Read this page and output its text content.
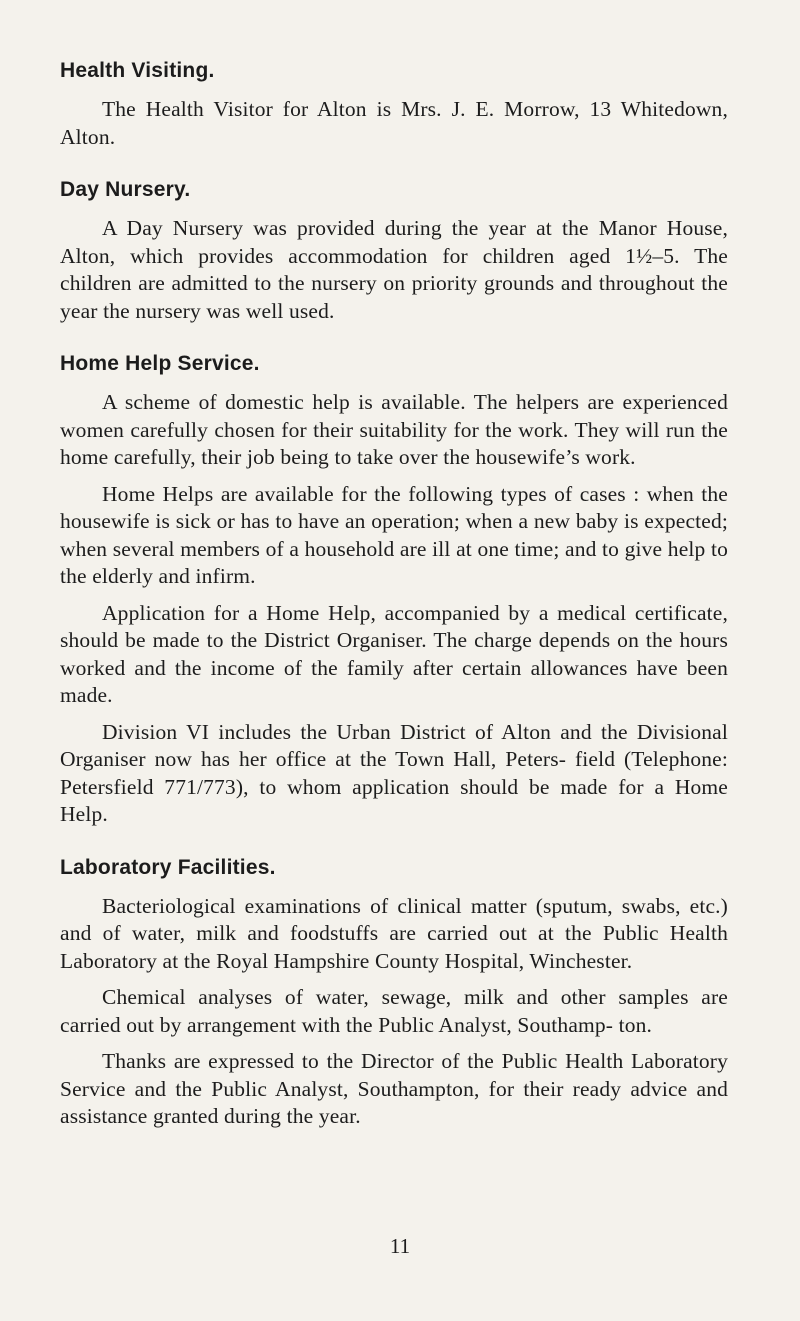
Health Visiting.

The Health Visitor for Alton is Mrs. J. E. Morrow, 13 Whitedown, Alton.

Day Nursery.

A Day Nursery was provided during the year at the Manor House, Alton, which provides accommodation for children aged 1½–5. The children are admitted to the nursery on priority grounds and throughout the year the nursery was well used.

Home Help Service.

A scheme of domestic help is available. The helpers are experienced women carefully chosen for their suitability for the work. They will run the home carefully, their job being to take over the housewife’s work.

Home Helps are available for the following types of cases : when the housewife is sick or has to have an operation; when a new baby is expected; when several members of a household are ill at one time; and to give help to the elderly and infirm.

Application for a Home Help, accompanied by a medical certificate, should be made to the District Organiser. The charge depends on the hours worked and the income of the family after certain allowances have been made.

Division VI includes the Urban District of Alton and the Divisional Organiser now has her office at the Town Hall, Peters- field (Telephone: Petersfield 771/773), to whom application should be made for a Home Help.

Laboratory Facilities.

Bacteriological examinations of clinical matter (sputum, swabs, etc.) and of water, milk and foodstuffs are carried out at the Public Health Laboratory at the Royal Hampshire County Hospital, Winchester.

Chemical analyses of water, sewage, milk and other samples are carried out by arrangement with the Public Analyst, Southamp- ton.

Thanks are expressed to the Director of the Public Health Laboratory Service and the Public Analyst, Southampton, for their ready advice and assistance granted during the year.

11
